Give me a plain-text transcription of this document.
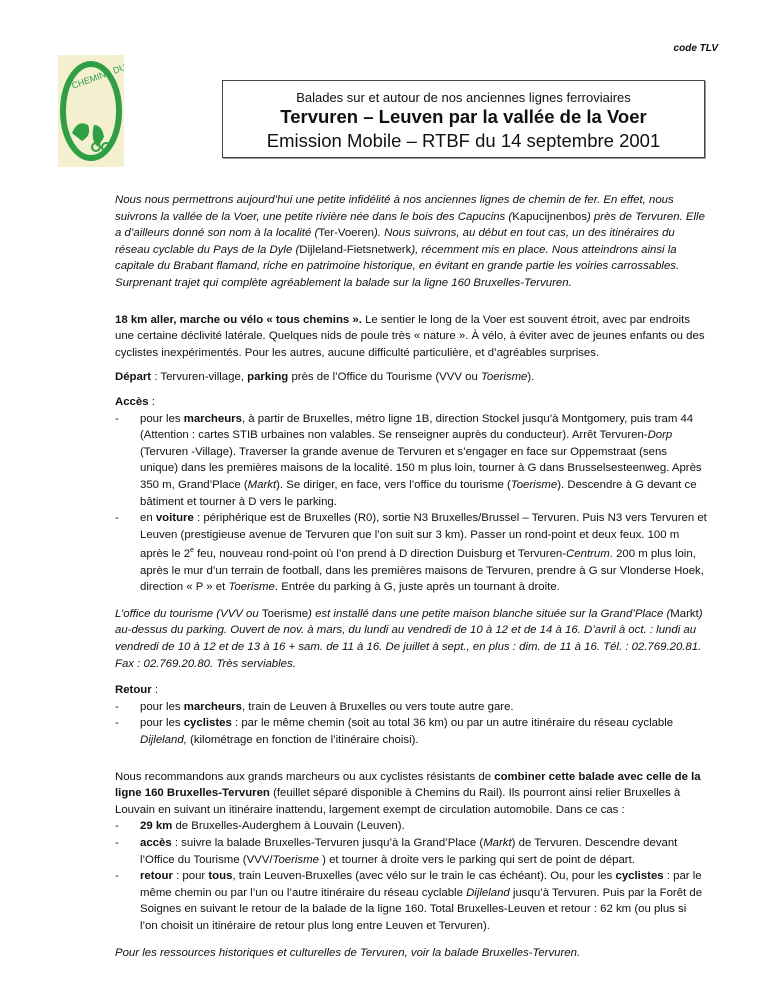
code TLV
CHEMINS DU
Balades sur et autour de nos anciennes lignes ferroviaires
Tervuren – Leuven par la vallée de la Voer
Emission Mobile – RTBF du 14 septembre 2001

Nous nous permettrons aujourd’hui une petite infidélité à nos anciennes lignes de chemin de fer. En effet, nous suivrons la vallée de la Voer, une petite rivière née dans le bois des Capucins (Kapucijnenbos) près de Tervuren. Elle a d’ailleurs donné son nom à la localité (Ter-Voeren). Nous suivrons, au début en tout cas, un des itinéraires du réseau cyclable du Pays de la Dyle (Dijleland-Fietsnetwerk), récemment mis en place. Nous atteindrons ainsi la capitale du Brabant flamand, riche en patrimoine historique, en évitant en grande partie les voiries carrossables. Surprenant trajet qui complète agréablement la balade sur la ligne 160 Bruxelles-Tervuren.

18 km aller, marche ou vélo « tous chemins ». Le sentier le long de la Voer est souvent étroit, avec par endroits une certaine déclivité latérale. Quelques nids de poule très « nature ». À vélo, à éviter avec de jeunes enfants ou des cyclistes inexpérimentés. Pour les autres, aucune difficulté particulière, et d’agréables surprises.

Départ : Tervuren-village, parking près de l’Office du Tourisme (VVV ou Toerisme).

Accès :

- pour les marcheurs, à partir de Bruxelles, métro ligne 1B, direction Stockel jusqu’à Montgomery, puis tram 44 (Attention : cartes STIB urbaines non valables. Se renseigner auprès du conducteur). Arrêt Tervuren-Dorp (Tervuren -Village). Traverser la grande avenue de Tervuren et s’engager en face sur Oppemstraat (sens unique) dans les premières maisons de la localité. 150 m plus loin, tourner à G dans Brusselsesteenweg. Après 350 m, Grand’Place (Markt). Se diriger, en face, vers l’office du tourisme (Toerisme). Descendre à G devant ce bâtiment et tourner à D vers le parking.
- en voiture : périphérique est de Bruxelles (R0), sortie N3 Bruxelles/Brussel – Tervuren. Puis N3 vers Tervuren et Leuven (prestigieuse avenue de Tervuren que l’on suit sur 3 km). Passer un rond-point et deux feux. 100 m après le 2e feu, nouveau rond-point où l’on prend à D direction Duisburg et Tervuren-Centrum. 200 m plus loin, après le mur d’un terrain de football, dans les premières maisons de Tervuren, prendre à G sur Vlonderse Hoek, direction « P » et Toerisme. Entrée du parking à G, juste après un tournant à droite.

L’office du tourisme (VVV ou Toerisme) est installé dans une petite maison blanche située sur la Grand’Place (Markt) au-dessus du parking. Ouvert de nov. à mars, du lundi au vendredi de 10 à 12 et de 14 à 16. D’avril à oct. : lundi au vendredi de 10 à 12 et de 13 à 16 + sam. de 11 à 16. De juillet à sept., en plus : dim. de 11 à 16. Tél. : 02.769.20.81. Fax : 02.769.20.80. Très serviables.

Retour :

- pour les marcheurs, train de Leuven à Bruxelles ou vers toute autre gare.
- pour les cyclistes : par le même chemin (soit au total 36 km) ou par un autre itinéraire du réseau cyclable Dijleland, (kilométrage en fonction de l’itinéraire choisi).

Nous recommandons aux grands marcheurs ou aux cyclistes résistants de combiner cette balade avec celle de la ligne 160 Bruxelles-Tervuren (feuillet séparé disponible à Chemins du Rail). Ils pourront ainsi relier Bruxelles à Louvain en suivant un itinéraire inattendu, largement exempt de circulation automobile. Dans ce cas :

- 29 km de Bruxelles-Auderghem à Louvain (Leuven).
- accès : suivre la balade Bruxelles-Tervuren jusqu’à la Grand’Place (Markt) de Tervuren. Descendre devant l’Office du Tourisme (VVV/Toerisme ) et tourner à droite vers le parking qui sert de point de départ.
- retour : pour tous, train Leuven-Bruxelles (avec vélo sur le train le cas échéant). Ou, pour les cyclistes : par le même chemin ou par l’un ou l’autre itinéraire du réseau cyclable Dijleland jusqu’à Tervuren. Puis par la Forêt de Soignes en suivant le retour de la balade de la ligne 160. Total Bruxelles-Leuven et retour : 62 km (ou plus si l’on choisit un itinéraire de retour plus long entre Leuven et Tervuren).

Pour les ressources historiques et culturelles de Tervuren, voir la balade Bruxelles-Tervuren.
